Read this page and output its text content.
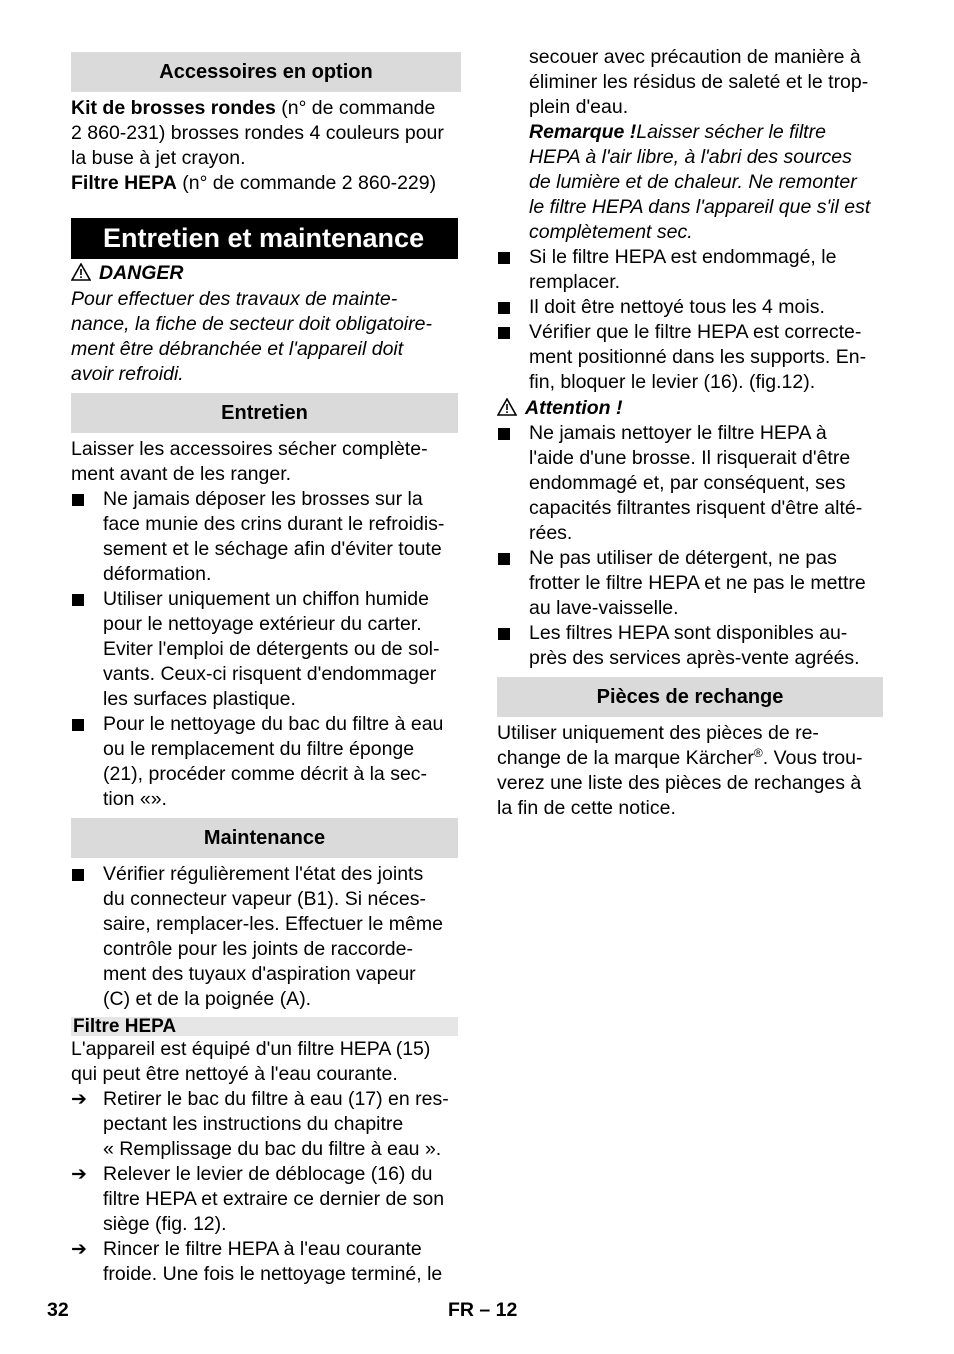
Accessoires en option
Kit de brosses rondes (n° de commande
2 860-231) brosses rondes 4 couleurs pour
la buse à jet crayon.
Filtre HEPA (n° de commande 2 860-229)
Entretien et maintenance
DANGER
Pour effectuer des travaux de mainte-
nance, la fiche de secteur doit obligatoire-
ment être débranchée et l'appareil doit
avoir refroidi.
Entretien
Laisser les accessoires sécher complète-
ment avant de les ranger.
Ne jamais déposer les brosses sur la
face munie des crins durant le refroidis-
sement et le séchage afin d'éviter toute
déformation.
Utiliser uniquement un chiffon humide
pour le nettoyage extérieur du carter.
Eviter l'emploi de détergents ou de sol-
vants. Ceux-ci risquent d'endommager
les surfaces plastique.
Pour le nettoyage du bac du filtre à eau
ou le remplacement du filtre éponge
(21), procéder comme décrit à la sec-
tion «».
Maintenance
Vérifier régulièrement l'état des joints
du connecteur vapeur (B1). Si néces-
saire, remplacer-les. Effectuer le même
contrôle pour les joints de raccorde-
ment des tuyaux d'aspiration vapeur
(C) et de la poignée (A).
Filtre HEPA
L'appareil est équipé d'un filtre HEPA (15)
qui peut être nettoyé à l'eau courante.
➔ Retirer le bac du filtre à eau (17) en res-
pectant les instructions du chapitre
« Remplissage du bac du filtre à eau ».
➔ Relever le levier de déblocage (16) du
filtre HEPA et extraire ce dernier de son
siège (fig. 12).
➔ Rincer le filtre HEPA à l'eau courante
froide. Une fois le nettoyage terminé, le
secouer avec précaution de manière à
éliminer les résidus de saleté et le trop-
plein d'eau.
Remarque !Laisser sécher le filtre
HEPA à l'air libre, à l'abri des sources
de lumière et de chaleur. Ne remonter
le filtre HEPA dans l'appareil que s'il est
complètement sec.
Si le filtre HEPA est endommagé, le
remplacer.
Il doit être nettoyé tous les 4 mois.
Vérifier que le filtre HEPA est correcte-
ment positionné dans les supports. En-
fin, bloquer le levier (16). (fig.12).
Attention !
Ne jamais nettoyer le filtre HEPA à
l'aide d'une brosse. Il risquerait d'être
endommagé et, par conséquent, ses
capacités filtrantes risquent d'être alté-
rées.
Ne pas utiliser de détergent, ne pas
frotter le filtre HEPA et ne pas le mettre
au lave-vaisselle.
Les filtres HEPA sont disponibles au-
près des services après-vente agréés.
Pièces de rechange
Utiliser uniquement des pièces de re-
change de la marque Kärcher®. Vous trou-
verez une liste des pièces de rechanges à
la fin de cette notice.
32	FR – 12
